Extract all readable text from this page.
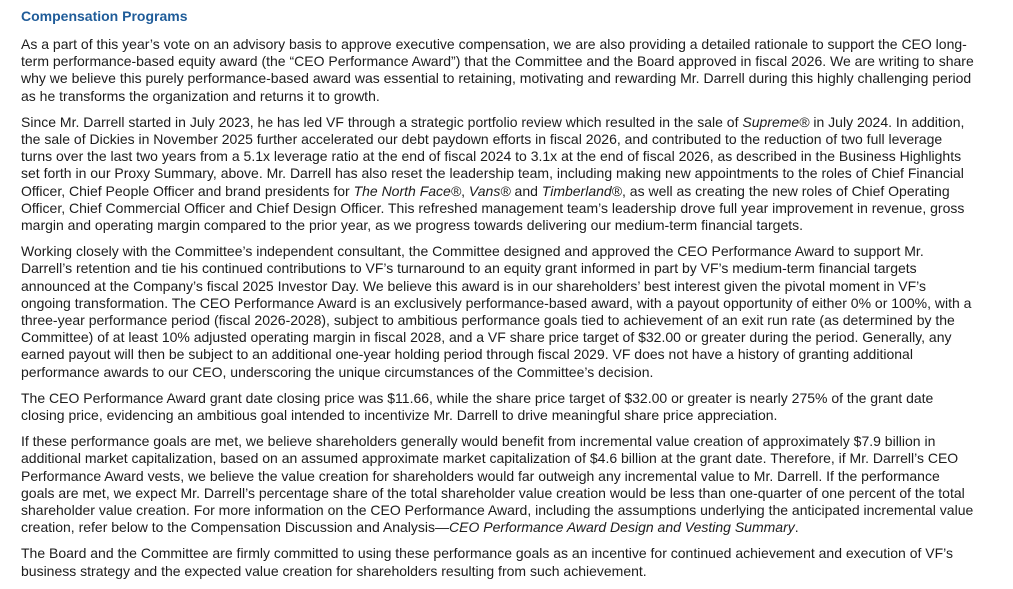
Compensation Programs

As a part of this year’s vote on an advisory basis to approve executive compensation, we are also providing a detailed rationale to support the CEO long-
term performance-based equity award (the “CEO Performance Award”) that the Committee and the Board approved in fiscal 2026. We are writing to share
why we believe this purely performance-based award was essential to retaining, motivating and rewarding Mr. Darrell during this highly challenging period
as he transforms the organization and returns it to growth.

Since Mr. Darrell started in July 2023, he has led VF through a strategic portfolio review which resulted in the sale of Supreme® in July 2024. In addition,
the sale of Dickies in November 2025 further accelerated our debt paydown efforts in fiscal 2026, and contributed to the reduction of two full leverage
turns over the last two years from a 5.1x leverage ratio at the end of fiscal 2024 to 3.1x at the end of fiscal 2026, as described in the Business Highlights
set forth in our Proxy Summary, above. Mr. Darrell has also reset the leadership team, including making new appointments to the roles of Chief Financial
Officer, Chief People Officer and brand presidents for The North Face®, Vans® and Timberland®, as well as creating the new roles of Chief Operating
Officer, Chief Commercial Officer and Chief Design Officer. This refreshed management team’s leadership drove full year improvement in revenue, gross
margin and operating margin compared to the prior year, as we progress towards delivering our medium-term financial targets.

Working closely with the Committee’s independent consultant, the Committee designed and approved the CEO Performance Award to support Mr.
Darrell’s retention and tie his continued contributions to VF’s turnaround to an equity grant informed in part by VF’s medium-term financial targets
announced at the Company’s fiscal 2025 Investor Day. We believe this award is in our shareholders’ best interest given the pivotal moment in VF’s
ongoing transformation. The CEO Performance Award is an exclusively performance-based award, with a payout opportunity of either 0% or 100%, with a
three-year performance period (fiscal 2026-2028), subject to ambitious performance goals tied to achievement of an exit run rate (as determined by the
Committee) of at least 10% adjusted operating margin in fiscal 2028, and a VF share price target of $32.00 or greater during the period. Generally, any
earned payout will then be subject to an additional one-year holding period through fiscal 2029. VF does not have a history of granting additional
performance awards to our CEO, underscoring the unique circumstances of the Committee’s decision.

The CEO Performance Award grant date closing price was $11.66, while the share price target of $32.00 or greater is nearly 275% of the grant date
closing price, evidencing an ambitious goal intended to incentivize Mr. Darrell to drive meaningful share price appreciation.

If these performance goals are met, we believe shareholders generally would benefit from incremental value creation of approximately $7.9 billion in
additional market capitalization, based on an assumed approximate market capitalization of $4.6 billion at the grant date. Therefore, if Mr. Darrell’s CEO
Performance Award vests, we believe the value creation for shareholders would far outweigh any incremental value to Mr. Darrell. If the performance
goals are met, we expect Mr. Darrell’s percentage share of the total shareholder value creation would be less than one-quarter of one percent of the total
shareholder value creation. For more information on the CEO Performance Award, including the assumptions underlying the anticipated incremental value
creation, refer below to the Compensation Discussion and Analysis—CEO Performance Award Design and Vesting Summary.

The Board and the Committee are firmly committed to using these performance goals as an incentive for continued achievement and execution of VF’s
business strategy and the expected value creation for shareholders resulting from such achievement.
